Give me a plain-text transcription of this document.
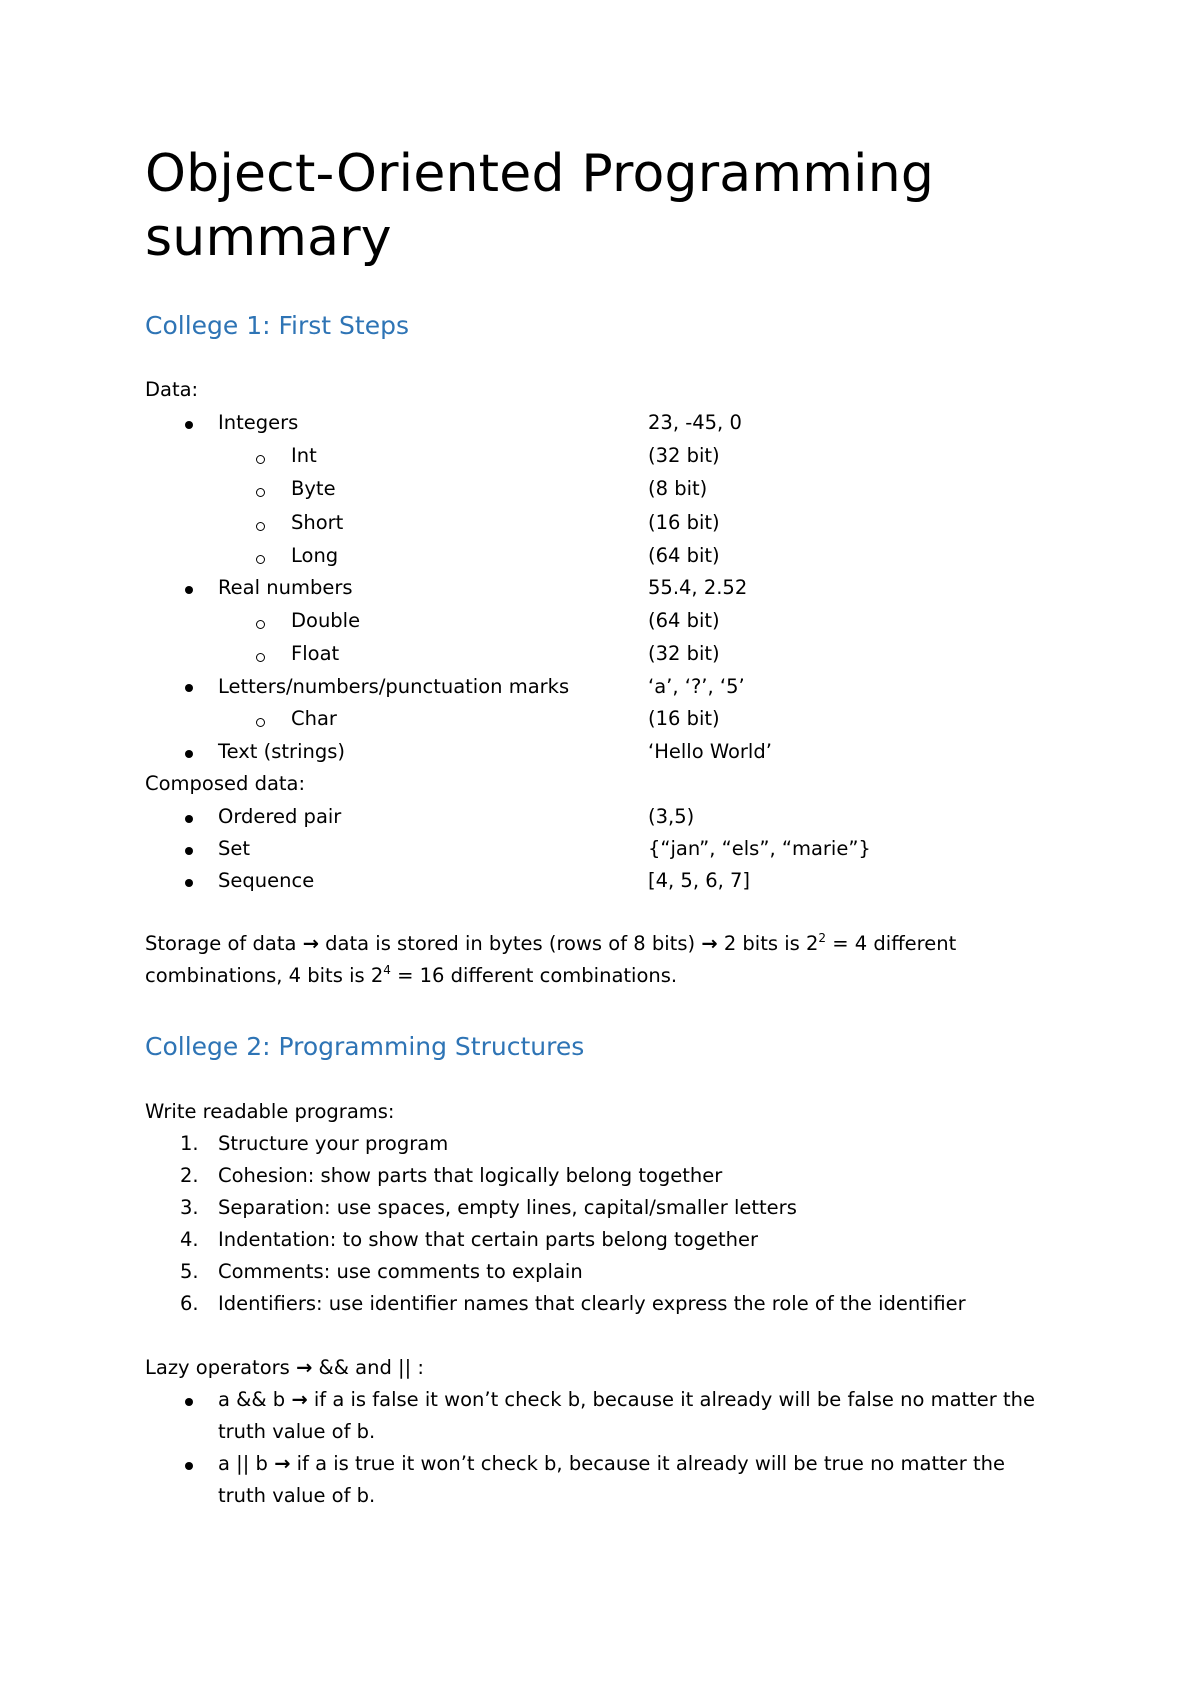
Object-Oriented Programming
summary
College 1: First Steps
Data:
Integers	23, -45, 0
Int	(32 bit)
Byte	(8 bit)
Short	(16 bit)
Long	(64 bit)
Real numbers	55.4, 2.52
Double	(64 bit)
Float	(32 bit)
Letters/numbers/punctuation marks	‘a’, ‘?’, ‘5’
Char	(16 bit)
Text (strings)	‘Hello World’
Composed data:
Ordered pair	(3,5)
Set	{“jan”, “els”, “marie”}
Sequence	[4, 5, 6, 7]
Storage of data → data is stored in bytes (rows of 8 bits) → 2 bits is $2^2 = 4$ different
combinations, 4 bits is $2^4 = 16$ different combinations.
College 2: Programming Structures
Write readable programs:
1. Structure your program
2. Cohesion: show parts that logically belong together
3. Separation: use spaces, empty lines, capital/smaller letters
4. Indentation: to show that certain parts belong together
5. Comments: use comments to explain
6. Identifiers: use identifier names that clearly express the role of the identifier
Lazy operators → && and || :
a && b → if a is false it won’t check b, because it already will be false no matter the
truth value of b.
a || b → if a is true it won’t check b, because it already will be true no matter the
truth value of b.
